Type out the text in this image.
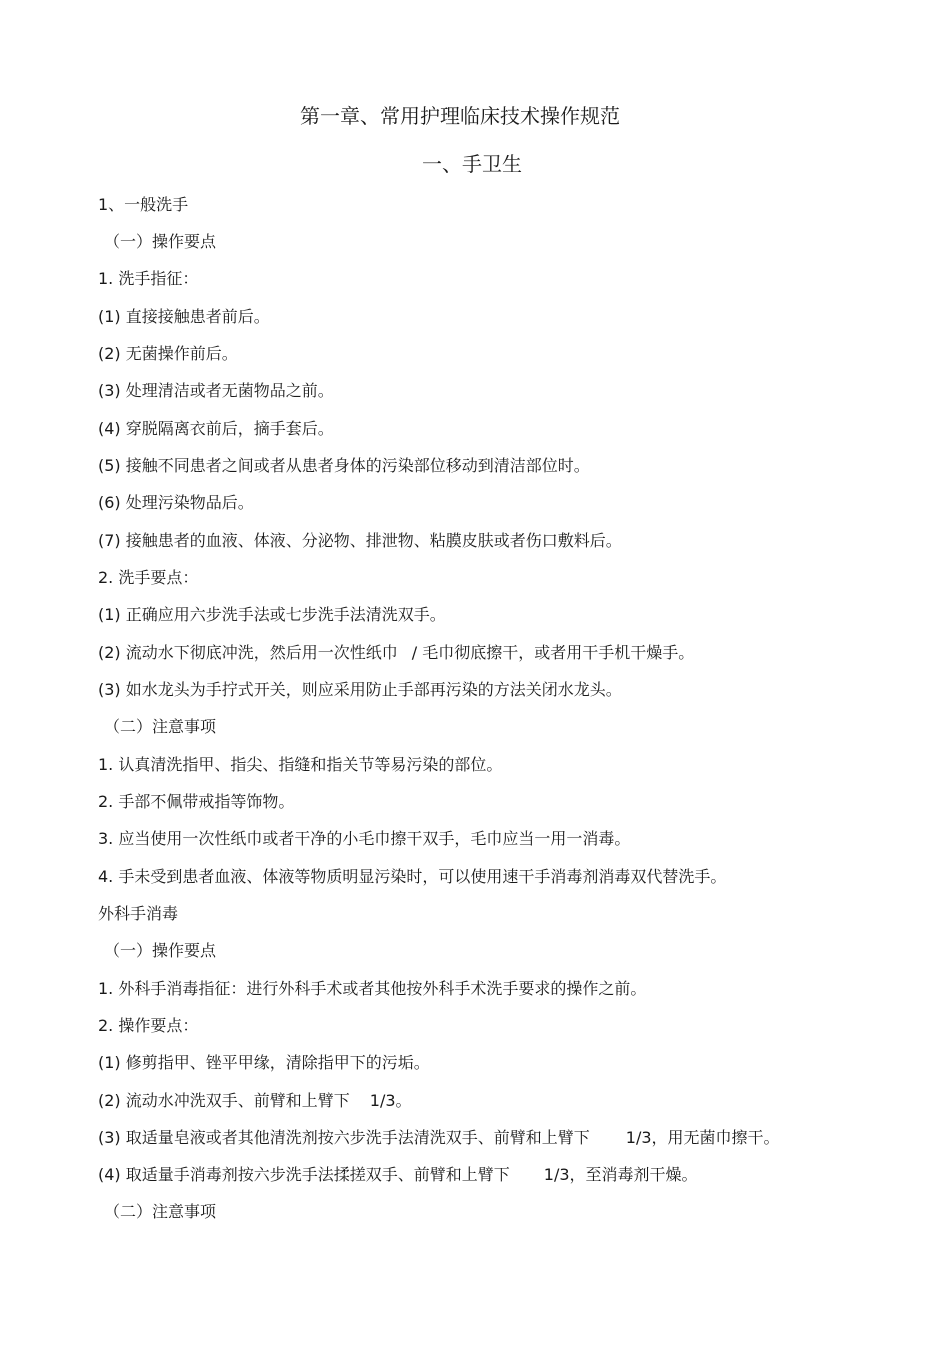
第一章、常用护理临床技术操作规范
一、手卫生
1、一般洗手
（一）操作要点
1. 洗手指征：
(1) 直接接触患者前后。
(2) 无菌操作前后。
(3) 处理清洁或者无菌物品之前。
(4) 穿脱隔离衣前后，摘手套后。
(5) 接触不同患者之间或者从患者身体的污染部位移动到清洁部位时。
(6) 处理污染物品后。
(7) 接触患者的血液、体液、分泌物、排泄物、粘膜皮肤或者伤口敷料后。
2. 洗手要点：
(1) 正确应用六步洗手法或七步洗手法清洗双手。
(2) 流动水下彻底冲洗，然后用一次性纸巾 / 毛巾彻底擦干，或者用干手机干燥手。
(3) 如水龙头为手拧式开关，则应采用防止手部再污染的方法关闭水龙头。
（二）注意事项
1. 认真清洗指甲、指尖、指缝和指关节等易污染的部位。
2. 手部不佩带戒指等饰物。
3. 应当使用一次性纸巾或者干净的小毛巾擦干双手，毛巾应当一用一消毒。
4. 手未受到患者血液、体液等物质明显污染时，可以使用速干手消毒剂消毒双代替洗手。
外科手消毒
（一）操作要点
1. 外科手消毒指征：进行外科手术或者其他按外科手术洗手要求的操作之前。
2. 操作要点：
(1) 修剪指甲、锉平甲缘，清除指甲下的污垢。
(2) 流动水冲洗双手、前臂和上臂下 1/3。
(3) 取适量皂液或者其他清洗剂按六步洗手法清洗双手、前臂和上臂下 1/3，用无菌巾擦干。
(4) 取适量手消毒剂按六步洗手法揉搓双手、前臂和上臂下 1/3，至消毒剂干燥。
（二）注意事项
